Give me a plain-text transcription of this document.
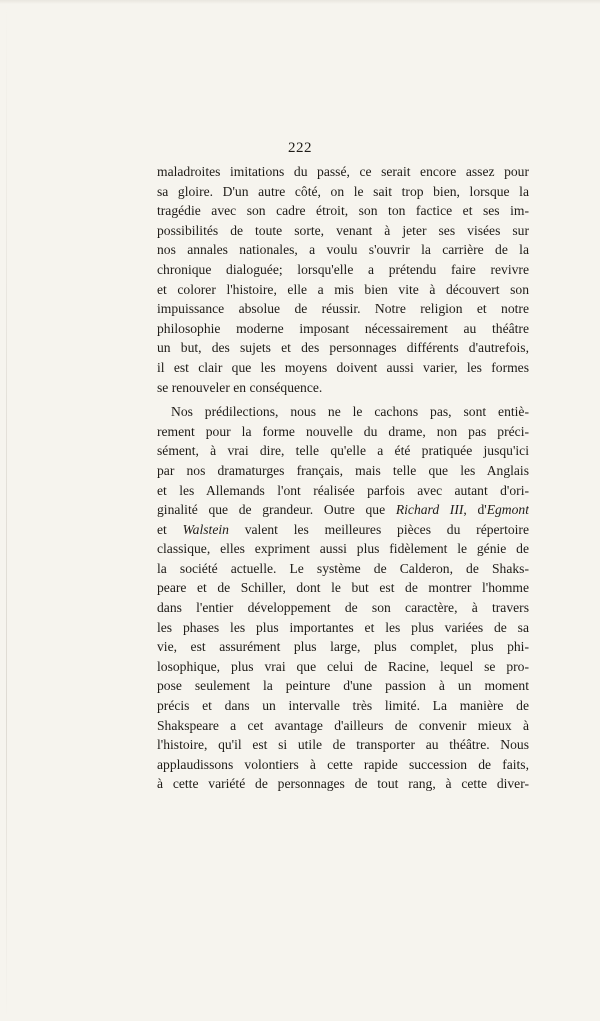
222
maladroites imitations du passé, ce serait encore assez pour
sa gloire. D'un autre côté, on le sait trop bien, lorsque la
tragédie avec son cadre étroit, son ton factice et ses im-
possibilités de toute sorte, venant à jeter ses visées sur
nos annales nationales, a voulu s'ouvrir la carrière de la
chronique dialoguée; lorsqu'elle a prétendu faire revivre
et colorer l'histoire, elle a mis bien vite à découvert son
impuissance absolue de réussir. Notre religion et notre
philosophie moderne imposant nécessairement au théâtre
un but, des sujets et des personnages différents d'autrefois,
il est clair que les moyens doivent aussi varier, les formes
se renouveler en conséquence.
Nos prédilections, nous ne le cachons pas, sont entiè-
rement pour la forme nouvelle du drame, non pas préci-
sément, à vrai dire, telle qu'elle a été pratiquée jusqu'ici
par nos dramaturges français, mais telle que les Anglais
et les Allemands l'ont réalisée parfois avec autant d'ori-
ginalité que de grandeur. Outre que Richard III, d'Egmont
et Walstein valent les meilleures pièces du répertoire
classique, elles expriment aussi plus fidèlement le génie de
la société actuelle. Le système de Calderon, de Shaks-
peare et de Schiller, dont le but est de montrer l'homme
dans l'entier développement de son caractère, à travers
les phases les plus importantes et les plus variées de sa
vie, est assurément plus large, plus complet, plus phi-
losophique, plus vrai que celui de Racine, lequel se pro-
pose seulement la peinture d'une passion à un moment
précis et dans un intervalle très limité. La manière de
Shakspeare a cet avantage d'ailleurs de convenir mieux à
l'histoire, qu'il est si utile de transporter au théâtre. Nous
applaudissons volontiers à cette rapide succession de faits,
à cette variété de personnages de tout rang, à cette diver-
